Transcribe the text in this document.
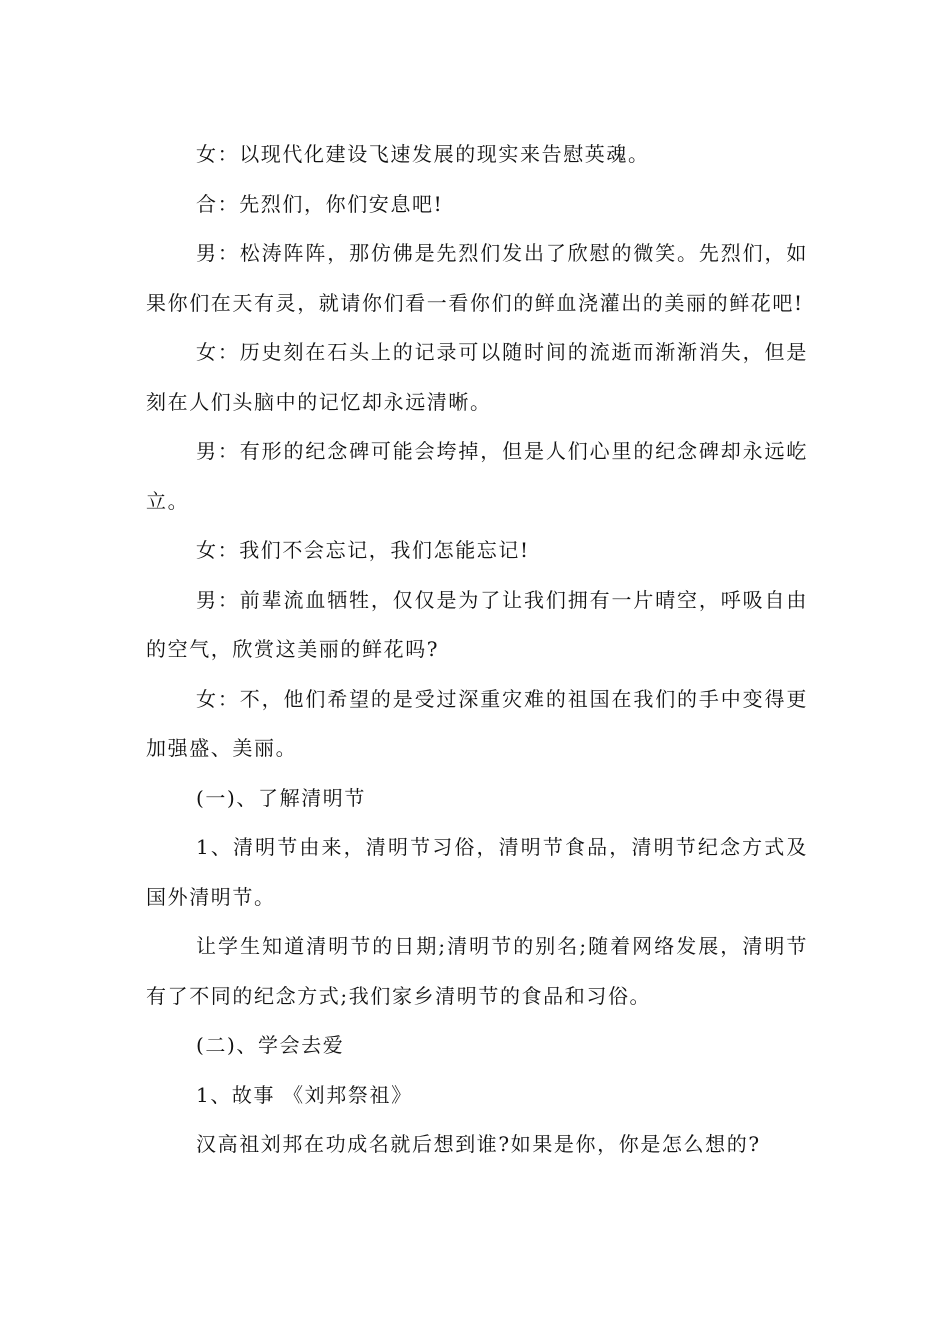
女：以现代化建设飞速发展的现实来告慰英魂。

合：先烈们，你们安息吧!

男：松涛阵阵，那仿佛是先烈们发出了欣慰的微笑。先烈们，如果你们在天有灵，就请你们看一看你们的鲜血浇灌出的美丽的鲜花吧!

女：历史刻在石头上的记录可以随时间的流逝而渐渐消失，但是刻在人们头脑中的记忆却永远清晰。

男：有形的纪念碑可能会垮掉，但是人们心里的纪念碑却永远屹立。

女：我们不会忘记，我们怎能忘记!

男：前辈流血牺牲，仅仅是为了让我们拥有一片晴空，呼吸自由的空气，欣赏这美丽的鲜花吗?

女：不，他们希望的是受过深重灾难的祖国在我们的手中变得更加强盛、美丽。

(一)、了解清明节

1、清明节由来，清明节习俗，清明节食品，清明节纪念方式及国外清明节。

让学生知道清明节的日期;清明节的别名;随着网络发展，清明节有了不同的纪念方式;我们家乡清明节的食品和习俗。

(二)、学会去爱

1、故事 《刘邦祭祖》

汉高祖刘邦在功成名就后想到谁?如果是你，你是怎么想的?
